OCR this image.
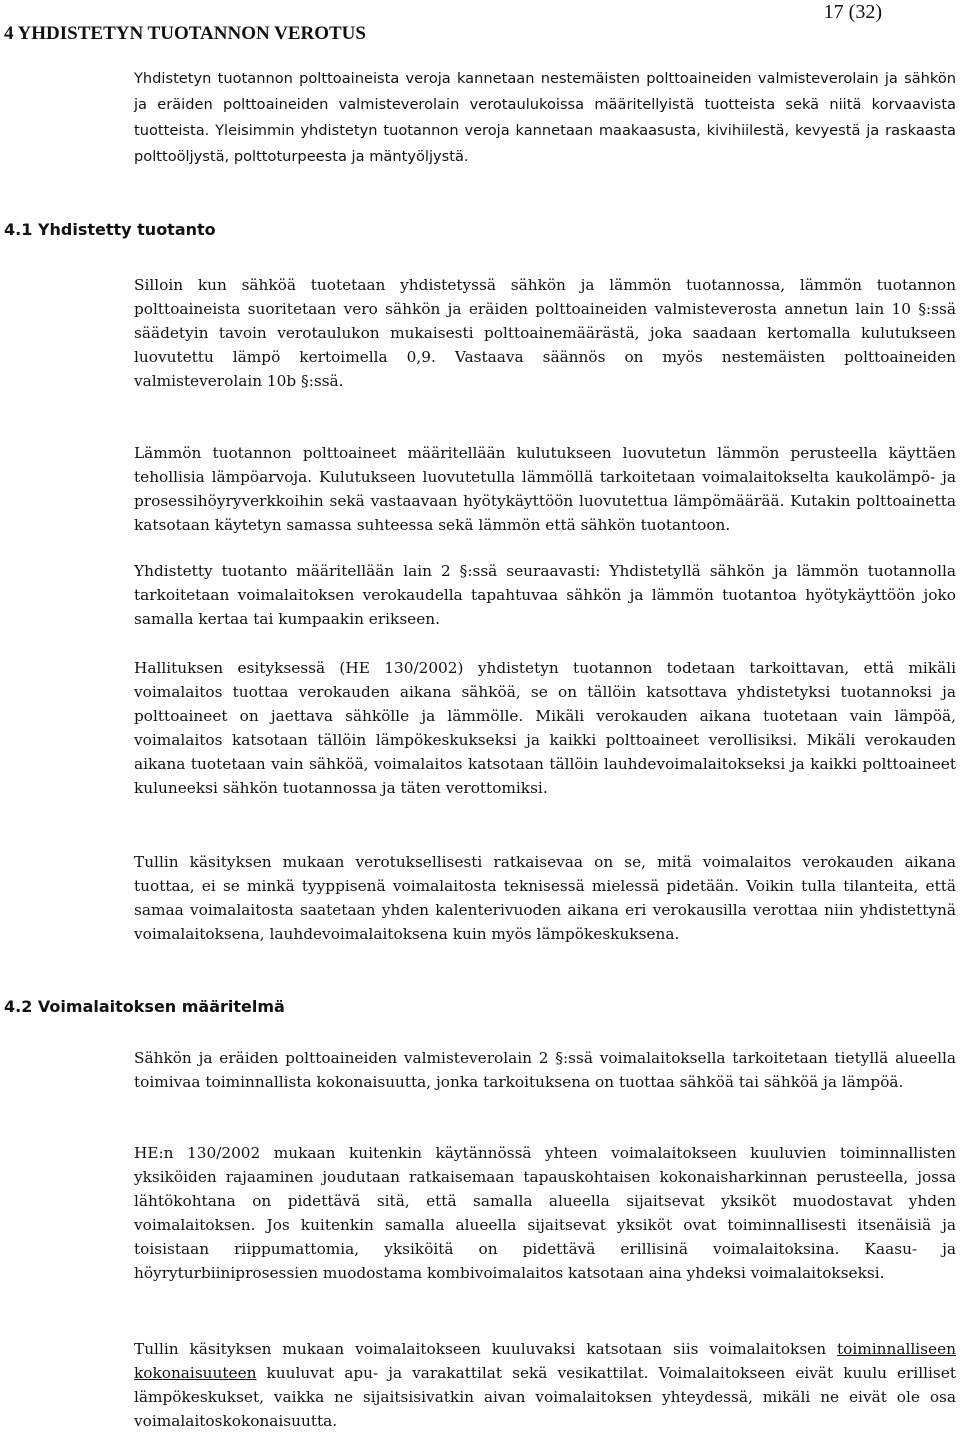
17 (32)
4 YHDISTETYN TUOTANNON VEROTUS

Yhdistetyn tuotannon polttoaineista veroja kannetaan nestemäisten polttoaineiden valmisteverolain ja sähkön ja eräiden polttoaineiden valmisteverolain verotaulukoissa määritellyistä tuotteista sekä niitä korvaavista tuotteista. Yleisimmin yhdistetyn tuotannon veroja kannetaan maakaasusta, kivihiilestä, kevyestä ja raskaasta polttoöljystä, polttoturpeesta ja mäntyöljystä.

4.1 Yhdistetty tuotanto

Silloin kun sähköä tuotetaan yhdistetyssä sähkön ja lämmön tuotannossa, lämmön tuotannon polttoaineista suoritetaan vero sähkön ja eräiden polttoaineiden valmisteverosta annetun lain 10 §:ssä säädetyin tavoin verotaulukon mukaisesti polttoainemäärästä, joka saadaan kertomalla kulutukseen luovutettu lämpö kertoimella 0,9. Vastaava säännös on myös nestemäisten polttoaineiden valmisteverolain 10b §:ssä.

Lämmön tuotannon polttoaineet määritellään kulutukseen luovutetun lämmön perusteella käyttäen tehollisia lämpöarvoja. Kulutukseen luovutetulla lämmöllä tarkoitetaan voimalaitokselta kaukolämpö- ja prosessihöyryverkkoihin sekä vastaavaan hyötykäyttöön luovutettua lämpömäärää. Kutakin polttoainetta katsotaan käytetyn samassa suhteessa sekä lämmön että sähkön tuotantoon.

Yhdistetty tuotanto määritellään lain 2 §:ssä seuraavasti: Yhdistetyllä sähkön ja lämmön tuotannolla tarkoitetaan voimalaitoksen verokaudella tapahtuvaa sähkön ja lämmön tuotantoa hyötykäyttöön joko samalla kertaa tai kumpaakin erikseen.

Hallituksen esityksessä (HE 130/2002) yhdistetyn tuotannon todetaan tarkoittavan, että mikäli voimalaitos tuottaa verokauden aikana sähköä, se on tällöin katsottava yhdistetyksi tuotannoksi ja polttoaineet on jaettava sähkölle ja lämmölle. Mikäli verokauden aikana tuotetaan vain lämpöä, voimalaitos katsotaan tällöin lämpökeskukseksi ja kaikki polttoaineet verollisiksi. Mikäli verokauden aikana tuotetaan vain sähköä, voimalaitos katsotaan tällöin lauhdevoimalaitokseksi ja kaikki polttoaineet kuluneeksi sähkön tuotannossa ja täten verottomiksi.

Tullin käsityksen mukaan verotuksellisesti ratkaisevaa on se, mitä voimalaitos verokauden aikana tuottaa, ei se minkä tyyppisenä voimalaitosta teknisessä mielessä pidetään. Voikin tulla tilanteita, että samaa voimalaitosta saatetaan yhden kalenterivuoden aikana eri verokausilla verottaa niin yhdistettynä voimalaitoksena, lauhdevoimalaitoksena kuin myös lämpökeskuksena.

4.2 Voimalaitoksen määritelmä

Sähkön ja eräiden polttoaineiden valmisteverolain 2 §:ssä voimalaitoksella tarkoitetaan tietyllä alueella toimivaa toiminnallista kokonaisuutta, jonka tarkoituksena on tuottaa sähköä tai sähköä ja lämpöä.

HE:n 130/2002 mukaan kuitenkin käytännössä yhteen voimalaitokseen kuuluvien toiminnallisten yksiköiden rajaaminen joudutaan ratkaisemaan tapauskohtaisen kokonaisharkinnan perusteella, jossa lähtökohtana on pidettävä sitä, että samalla alueella sijaitsevat yksiköt muodostavat yhden voimalaitoksen. Jos kuitenkin samalla alueella sijaitsevat yksiköt ovat toiminnallisesti itsenäisiä ja toisistaan riippumattomia, yksiköitä on pidettävä erillisinä voimalaitoksina. Kaasu- ja höyryturbiiniprosessien muodostama kombivoimalaitos katsotaan aina yhdeksi voimalaitokseksi.

Tullin käsityksen mukaan voimalaitokseen kuuluvaksi katsotaan siis voimalaitoksen toiminnalliseen kokonaisuuteen kuuluvat apu- ja varakattilat sekä vesikattilat. Voimalaitokseen eivät kuulu erilliset lämpökeskukset, vaikka ne sijaitsisivatkin aivan voimalaitoksen yhteydessä, mikäli ne eivät ole osa voimalaitoskokonaisuutta.
